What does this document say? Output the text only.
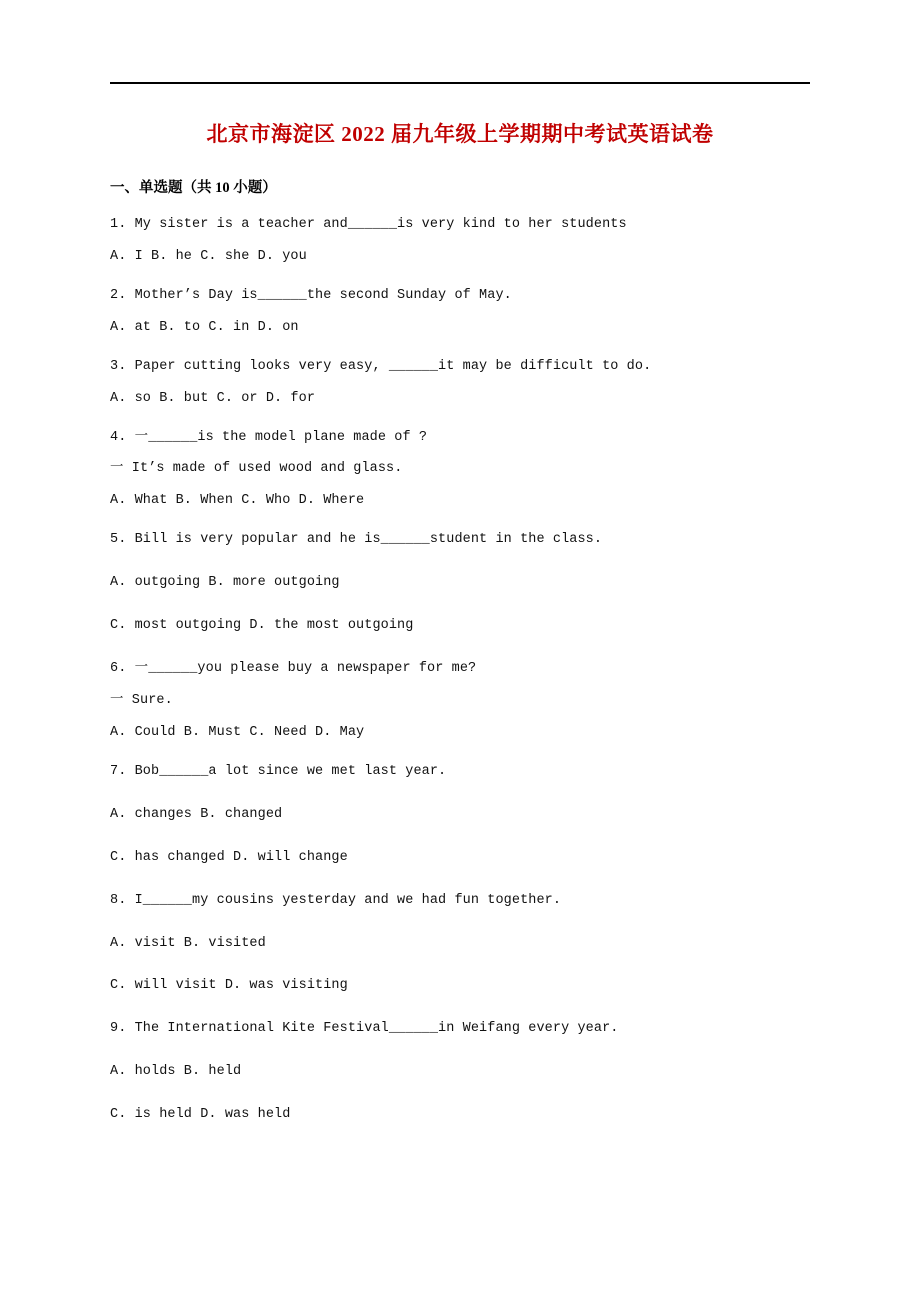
北京市海淀区 2022 届九年级上学期期中考试英语试卷
一、单选题（共 10 小题）

1. My sister is a teacher and______is very kind to her students

A. I B. he C. she D. you

2. Mother’s Day is______the second Sunday of May.

A. at B. to C. in D. on

3. Paper cutting looks very easy, ______it may be difficult to do.

A. so B. but C. or D. for

4. 一______is the model plane made of ?

一 It’s made of used wood and glass.

A. What B. When C. Who D. Where

5. Bill is very popular and he is______student in the class.

A. outgoing B. more outgoing

C. most outgoing D. the most outgoing

6. 一______you please buy a newspaper for me?

一 Sure.

A. Could B. Must C. Need D. May

7. Bob______a lot since we met last year.

A. changes B. changed

C. has changed D. will change

8. I______my cousins yesterday and we had fun together.

A. visit B. visited

C. will visit D. was visiting

9. The International Kite Festival______in Weifang every year.

A. holds B. held

C. is held D. was held
